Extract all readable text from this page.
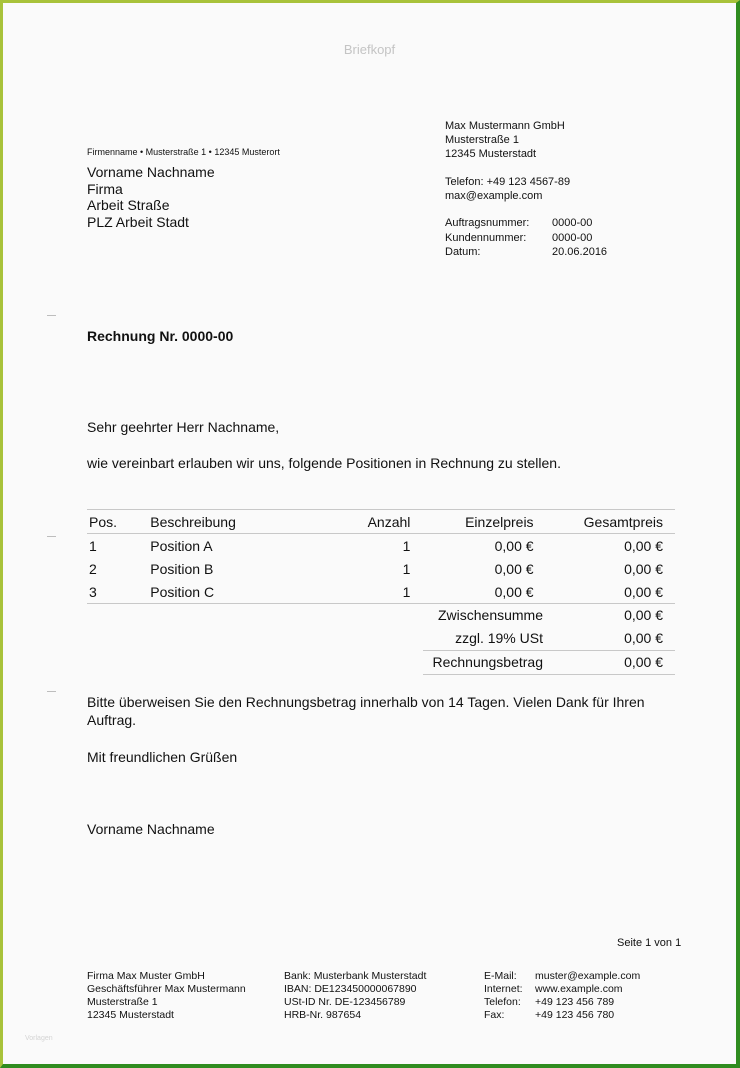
Briefkopf
Firmenname • Musterstraße 1 • 12345 Musterort
Vorname Nachname
Firma
Arbeit Straße
PLZ Arbeit Stadt
Max Mustermann GmbH
Musterstraße 1
12345 Musterstadt
Telefon: +49 123 4567-89
max@example.com
Auftragsnummer:	0000-00
Kundennummer:	0000-00
Datum:	20.06.2016
Rechnung Nr. 0000-00
Sehr geehrter Herr Nachname,
wie vereinbart erlauben wir uns, folgende Positionen in Rechnung zu stellen.
Pos.	Beschreibung	Anzahl	Einzelpreis	Gesamtpreis
1	Position A	1	0,00 €	0,00 €
2	Position B	1	0,00 €	0,00 €
3	Position C	1	0,00 €	0,00 €
Zwischensumme	0,00 €
zzgl. 19% USt	0,00 €
Rechnungsbetrag	0,00 €
Bitte überweisen Sie den Rechnungsbetrag innerhalb von 14 Tagen. Vielen Dank für Ihren Auftrag.
Mit freundlichen Grüßen
Vorname Nachname
Seite 1 von 1
Firma Max Muster GmbH
Geschäftsführer Max Mustermann
Musterstraße 1
12345 Musterstadt
Bank: Musterbank Musterstadt
IBAN: DE123450000067890
USt-ID Nr. DE-123456789
HRB-Nr. 987654
E-Mail:	muster@example.com
Internet:	www.example.com
Telefon:	+49 123 456 789
Fax:	+49 123 456 780
Vorlagen
